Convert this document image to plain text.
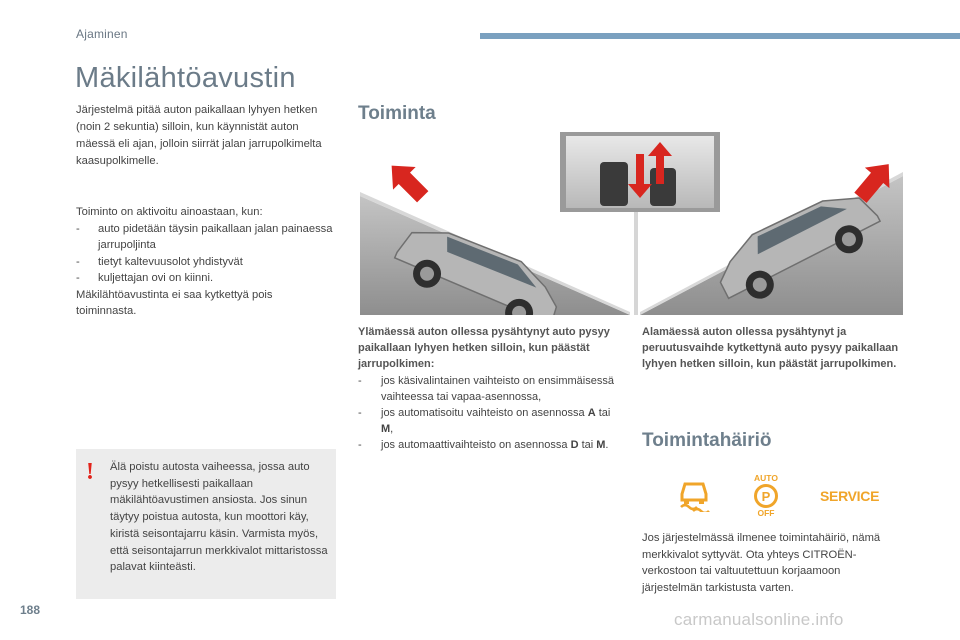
Ajaminen
Mäkilähtöavustin

Järjestelmä pitää auton paikallaan lyhyen hetken (noin 2 sekuntia) silloin, kun käynnistät auton mäessä eli ajan, jolloin siirrät jalan jarrupolkimelta kaasupolkimelle.

Toiminto on aktivoitu ainoastaan, kun:
-	auto pidetään täysin paikallaan jalan painaessa jarrupoljinta
-	tietyt kaltevuusolot yhdistyvät
-	kuljettajan ovi on kiinni.
Mäkilähtöavustinta ei saa kytkettyä pois toiminnasta.
! Älä poistu autosta vaiheessa, jossa auto pysyy hetkellisesti paikallaan mäkilähtöavustimen ansiosta. Jos sinun täytyy poistua autosta, kun moottori käy, kiristä seisontajarru käsin. Varmista myös, että seisontajarrun merkkivalot mittaristossa palavat kiinteästi.

Toiminta
Ylämäessä auton ollessa pysähtynyt auto pysyy paikallaan lyhyen hetken silloin, kun päästät jarrupolkimen:
-	jos käsivalintainen vaihteisto on ensimmäisessä vaihteessa tai vapaa-asennossa,
-	jos automatisoitu vaihteisto on asennossa A tai M,
-	jos automaattivaihteisto on asennossa D tai M.

Alamäessä auton ollessa pysähtynyt ja peruutusvaihde kytkettynä auto pysyy paikallaan lyhyen hetken silloin, kun päästät jarrupolkimen.

Toimintahäiriö
AUTO
P
OFF
SERVICE

Jos järjestelmässä ilmenee toimintahäiriö, nämä merkkivalot syttyvät. Ota yhteys CITROËN-verkostoon tai valtuutettuun korjaamoon järjestelmän tarkistusta varten.

188	carmanualsonline.info
